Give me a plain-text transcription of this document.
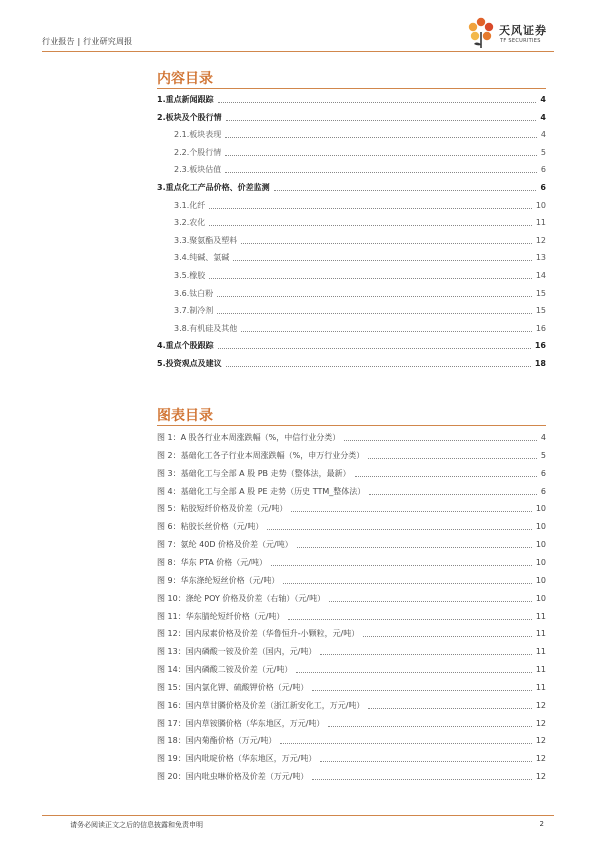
行业报告 | 行业研究周报
天风证券
TF SECURITIES
内容目录
1.重点新闻跟踪	4
2.板块及个股行情	4
2.1.板块表现	4
2.2.个股行情	5
2.3.板块估值	6
3.重点化工产品价格、价差监测	6
3.1.化纤	10
3.2.农化	11
3.3.聚氨酯及塑料	12
3.4.纯碱、氯碱	13
3.5.橡胶	14
3.6.钛白粉	15
3.7.制冷剂	15
3.8.有机硅及其他	16
4.重点个股跟踪	16
5.投资观点及建议	18
图表目录
图 1：A 股各行业本周涨跌幅（%，中信行业分类）	4
图 2：基础化工各子行业本周涨跌幅（%，申万行业分类）	5
图 3：基础化工与全部 A 股 PB 走势（整体法，最新）	6
图 4：基础化工与全部 A 股 PE 走势（历史 TTM_整体法）	6
图 5：粘胶短纤价格及价差（元/吨）	10
图 6：粘胶长丝价格（元/吨）	10
图 7：氨纶 40D 价格及价差（元/吨）	10
图 8：华东 PTA 价格（元/吨）	10
图 9：华东涤纶短丝价格（元/吨）	10
图 10：涤纶 POY 价格及价差（右轴）（元/吨）	10
图 11：华东腈纶短纤价格（元/吨）	11
图 12：国内尿素价格及价差（华鲁恒升-小颗粒，元/吨）	11
图 13：国内磷酸一铵及价差（国内，元/吨）	11
图 14：国内磷酸二铵及价差（元/吨）	11
图 15：国内氯化钾、硫酸钾价格（元/吨）	11
图 16：国内草甘膦价格及价差（浙江新安化工，万元/吨）	12
图 17：国内草铵膦价格（华东地区，万元/吨）	12
图 18：国内菊酯价格（万元/吨）	12
图 19：国内吡啶价格（华东地区，万元/吨）	12
图 20：国内吡虫啉价格及价差（万元/吨）	12
请务必阅读正文之后的信息披露和免责申明	2
